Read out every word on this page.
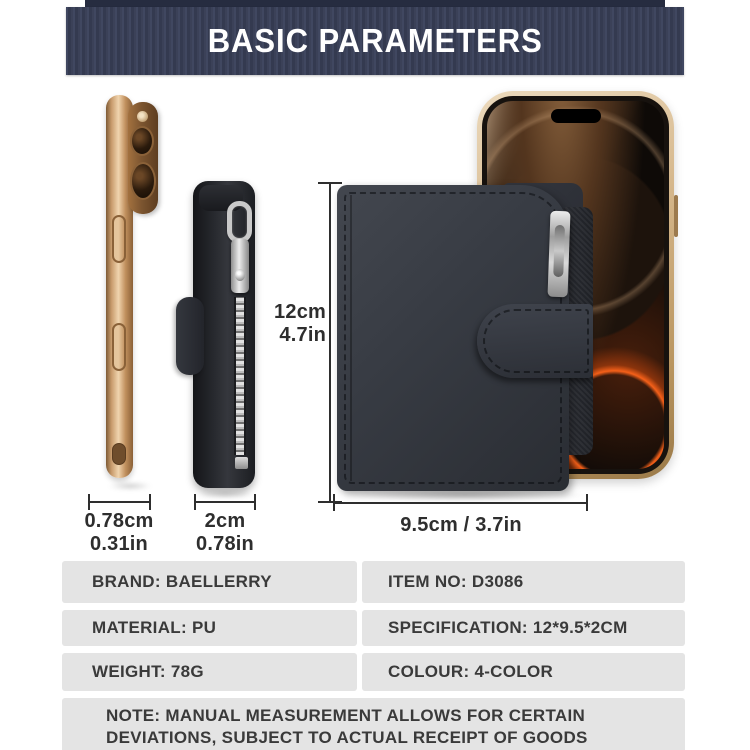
BASIC PARAMETERS
12cm
4.7in
9.5cm / 3.7in
0.78cm
0.31in
2cm
0.78in
BRAND: BAELLERRY	ITEM NO: D3086
MATERIAL: PU	SPECIFICATION: 12*9.5*2CM
WEIGHT: 78G	COLOUR: 4-COLOR
NOTE: MANUAL MEASUREMENT ALLOWS FOR CERTAIN
DEVIATIONS, SUBJECT TO ACTUAL RECEIPT OF GOODS
